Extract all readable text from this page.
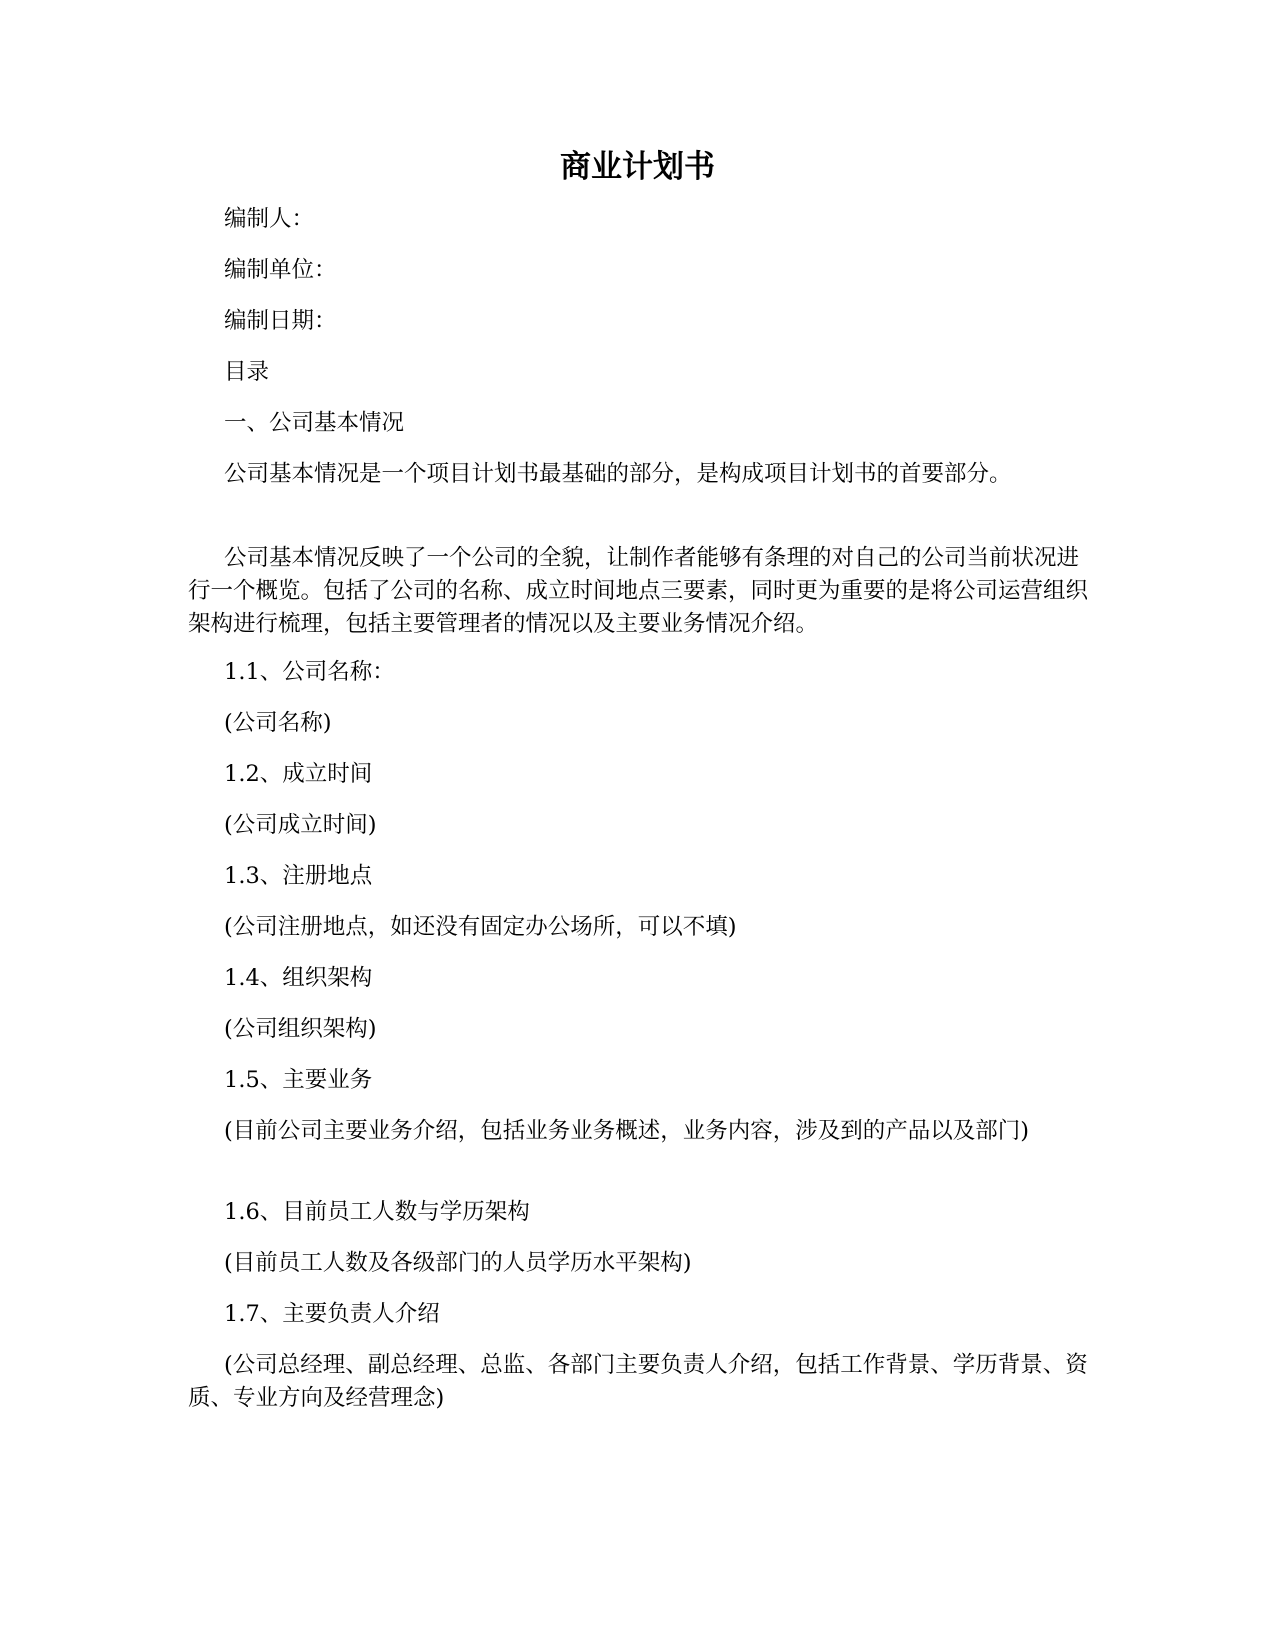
商业计划书

编制人：

编制单位：

编制日期：

目录

一、公司基本情况

公司基本情况是一个项目计划书最基础的部分，是构成项目计划书的首要部分。

公司基本情况反映了一个公司的全貌，让制作者能够有条理的对自己的公司当前状况进行一个概览。包括了公司的名称、成立时间地点三要素，同时更为重要的是将公司运营组织架构进行梳理，包括主要管理者的情况以及主要业务情况介绍。

1.1、公司名称：

(公司名称)

1.2、成立时间

(公司成立时间)

1.3、注册地点

(公司注册地点，如还没有固定办公场所，可以不填)

1.4、组织架构

(公司组织架构)

1.5、主要业务

(目前公司主要业务介绍，包括业务业务概述，业务内容，涉及到的产品以及部门)

1.6、目前员工人数与学历架构

(目前员工人数及各级部门的人员学历水平架构)

1.7、主要负责人介绍

(公司总经理、副总经理、总监、各部门主要负责人介绍，包括工作背景、学历背景、资质、专业方向及经营理念)
